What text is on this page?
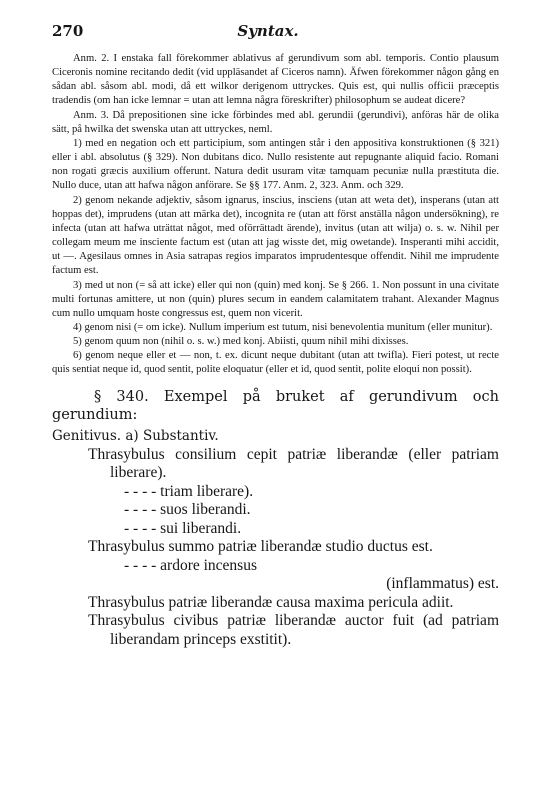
270	Syntax.

Anm. 2. I enstaka fall förekommer ablativus af gerundivum som abl. temporis. Contio plausum Ciceronis nomine recitando dedit (vid uppläsandet af Ciceros namn). Äfwen förekommer någon gång en sådan abl. såsom abl. modi, då ett wilkor derigenom uttryckes. Quis est, qui nullis officii præceptis tradendis (om han icke lemnar = utan att lemna några föreskrifter) philosophum se audeat dicere?

Anm. 3. Då prepositionen sine icke förbindes med abl. gerundii (gerundivi), anföras här de olika sätt, på hwilka det swenska utan att uttryckes, neml.

1) med en negation och ett participium, som antingen står i den appositiva konstruktionen (§ 321) eller i abl. absolutus (§ 329). Non dubitans dico. Nullo resistente aut repugnante aliquid facio. Romani non rogati græcis auxilium offerunt. Natura dedit usuram vitæ tamquam pecuniæ nulla præstituta die. Nullo duce, utan att hafwa någon anförare. Se §§ 177. Anm. 2, 323. Anm. och 329.

2) genom nekande adjektiv, såsom ignarus, inscius, insciens (utan att weta det), insperans (utan att hoppas det), imprudens (utan att märka det), incognita re (utan att först anställa någon undersökning), re infecta (utan att hafwa uträttat något, med oförrättadt ärende), invitus (utan att wilja) o. s. w. Nihil per collegam meum me insciente factum est (utan att jag wisste det, mig owetande). Insperanti mihi accidit, ut —. Agesilaus omnes in Asia satrapas regios imparatos imprudentesque offendit. Nihil me imprudente factum est.

3) med ut non (= så att icke) eller qui non (quin) med konj. Se § 266. 1. Non possunt in una civitate multi fortunas amittere, ut non (quin) plures secum in eandem calamitatem trahant. Alexander Magnus cum nullo umquam hoste congressus est, quem non vicerit.

4) genom nisi (= om icke). Nullum imperium est tutum, nisi benevolentia munitum (eller munitur).

5) genom quum non (nihil o. s. w.) med konj. Abiisti, quum nihil mihi dixisses.

6) genom neque eller et — non, t. ex. dicunt neque dubitant (utan att twifla). Fieri potest, ut recte quis sentiat neque id, quod sentit, polite eloquatur (eller et id, quod sentit, polite eloqui non possit).

§ 340. Exempel på bruket af gerundivum och gerundium:

Genitivus. a) Substantiv.

Thrasybulus consilium cepit patriæ liberandæ (eller patriam liberare).

- - - - triam liberare).

- - - - suos liberandi.

- - - - sui liberandi.

Thrasybulus summo patriæ liberandæ studio ductus est.

- - - - ardore incensus

(inflammatus) est.

Thrasybulus patriæ liberandæ causa maxima pericula adiit.

Thrasybulus civibus patriæ liberandæ auctor fuit (ad patriam liberandam princeps exstitit).
